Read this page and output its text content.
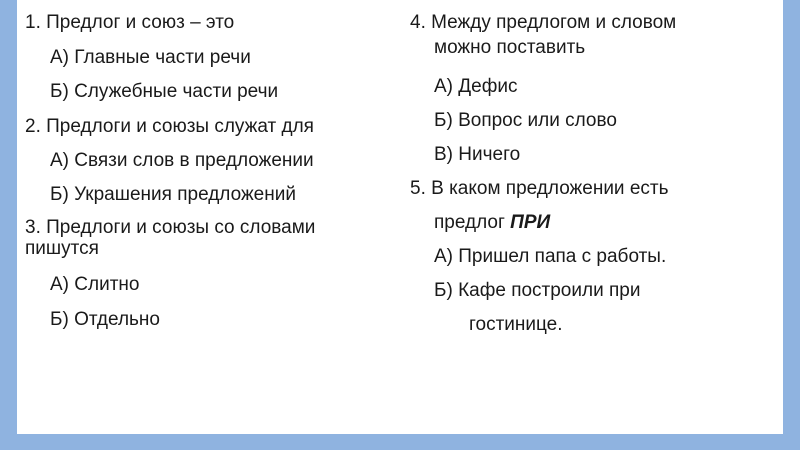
1. Предлог и союз – это

А) Главные части речи

Б) Служебные части речи

2. Предлоги и союзы служат для

А) Связи слов в предложении

Б) Украшения предложений

3. Предлоги и союзы со словами

пишутся

А) Слитно

Б) Отдельно

4. Между предлогом и словом

можно поставить

А) Дефис

Б) Вопрос или слово

В) Ничего

5. В каком предложении есть

предлог ПРИ

А) Пришел папа с работы.

Б) Кафе построили при

гостинице.
